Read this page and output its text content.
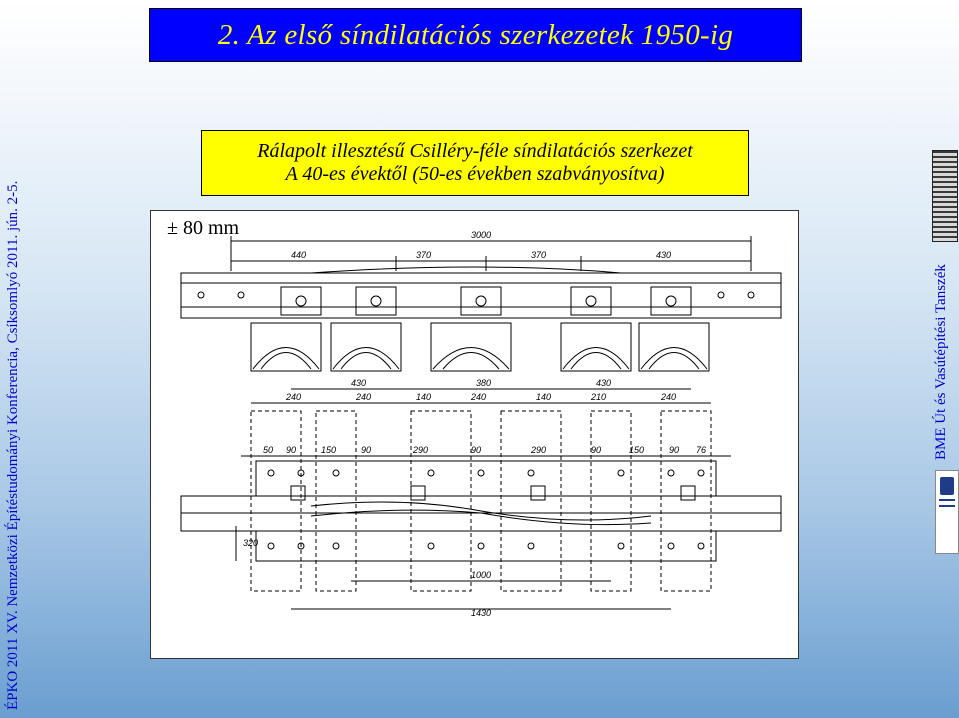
2. Az első síndilatációs szerkezetek 1950-ig
ÉPKO 2011 XV. Nemzetközi Építéstudományi Konferencia, Csíksomlyó 2011. jún. 2-5.	3000
440	370	370	430
430	380	430
240	240	140	240	140	210	240
50 90	150	90	290	90	290	90	150	90 76
1000
1430
320
± 80 mm
Rálapolt illesztésű Csilléry-féle síndilatációs szerkezet
A 40-es évektől (50-es években szabványosítva)
BME Út és Vasútépítési Tanszék
